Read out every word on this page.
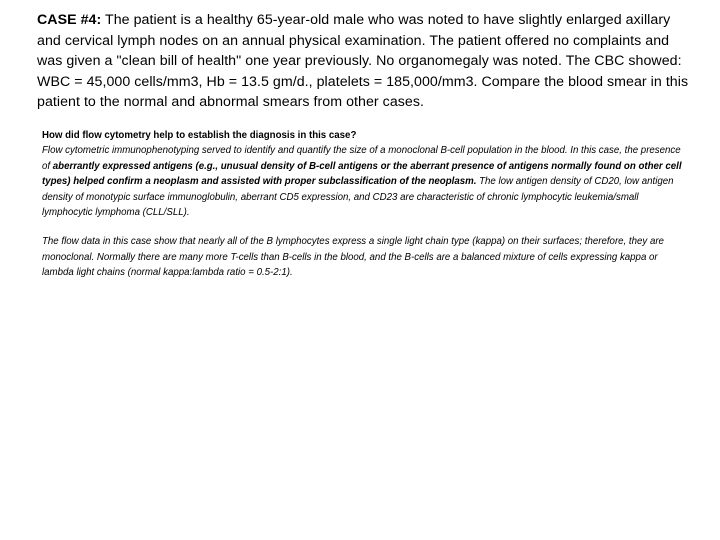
CASE #4: The patient is a healthy 65-year-old male who was noted to have slightly enlarged axillary and cervical lymph nodes on an annual physical examination. The patient offered no complaints and was given a "clean bill of health" one year previously. No organomegaly was noted. The CBC showed: WBC = 45,000 cells/mm3, Hb = 13.5 gm/d., platelets = 185,000/mm3. Compare the blood smear in this patient to the normal and abnormal smears from other cases.
How did flow cytometry help to establish the diagnosis in this case?
Flow cytometric immunophenotyping served to identify and quantify the size of a monoclonal B-cell population in the blood. In this case, the presence of aberrantly expressed antigens (e.g., unusual density of B-cell antigens or the aberrant presence of antigens normally found on other cell types) helped confirm a neoplasm and assisted with proper subclassification of the neoplasm. The low antigen density of CD20, low antigen density of monotypic surface immunoglobulin, aberrant CD5 expression, and CD23 are characteristic of chronic lymphocytic leukemia/small lymphocytic lymphoma (CLL/SLL).
The flow data in this case show that nearly all of the B lymphocytes express a single light chain type (kappa) on their surfaces; therefore, they are monoclonal. Normally there are many more T-cells than B-cells in the blood, and the B-cells are a balanced mixture of cells expressing kappa or lambda light chains (normal kappa:lambda ratio = 0.5-2:1).
